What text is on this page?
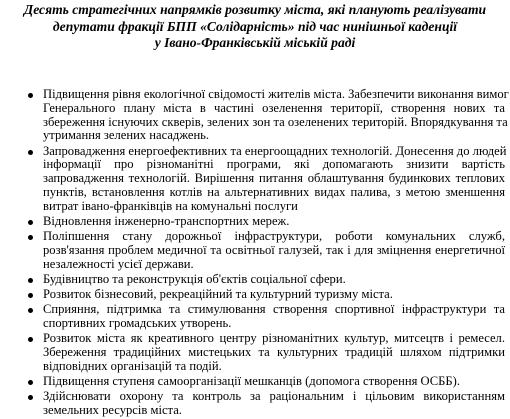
Десять стратегічних напрямків розвитку міста, які планують реалізувати
депутати фракції БПП «Солідарність» під час нинішньої каденції
у Івано-Франківській міській раді
Підвищення рівня екологічної свідомості жителів міста. Забезпечити виконання вимог
Генерального плану міста в частині озеленення території, створення нових та
збереження існуючих скверів, зелених зон та озеленених територій. Впорядкування та
утримання зелених насаджень.
Запровадження енергоефективних та енергоощадних технологій. Донесення до людей
інформації про різноманітні програми, які допомагають знизити вартість
запровадження технологій. Вирішення питання облаштування будинкових теплових
пунктів, встановлення котлів на альтернативних видах палива, з метою зменшення
витрат івано-франківців на комунальні послуги
Відновлення інженерно-транспортних мереж.
Поліпшення стану дорожньої інфраструктури, роботи комунальних служб,
розв'язання проблем медичної та освітньої галузей, так і для зміцнення енергетичної
незалежності усієї держави.
Будівництво та реконструкція об'єктів соціальної сфери.
Розвиток бізнесовий, рекреаційний та культурний туризму міста.
Сприяння, підтримка та стимулювання створення спортивної інфраструктури та
спортивних громадських утворень.
Розвиток міста як креативного центру різноманітних культур, митсецтв і ремесел.
Збереження традиційних мистецьких та культурних традицій шляхом підтримки
відповідних організацій та подій.
Підвищення ступеня самоорганізації мешканців (допомога створення ОСББ).
Здійснювати охорону та контроль за раціональним і цільовим використанням
земельних ресурсів міста.
